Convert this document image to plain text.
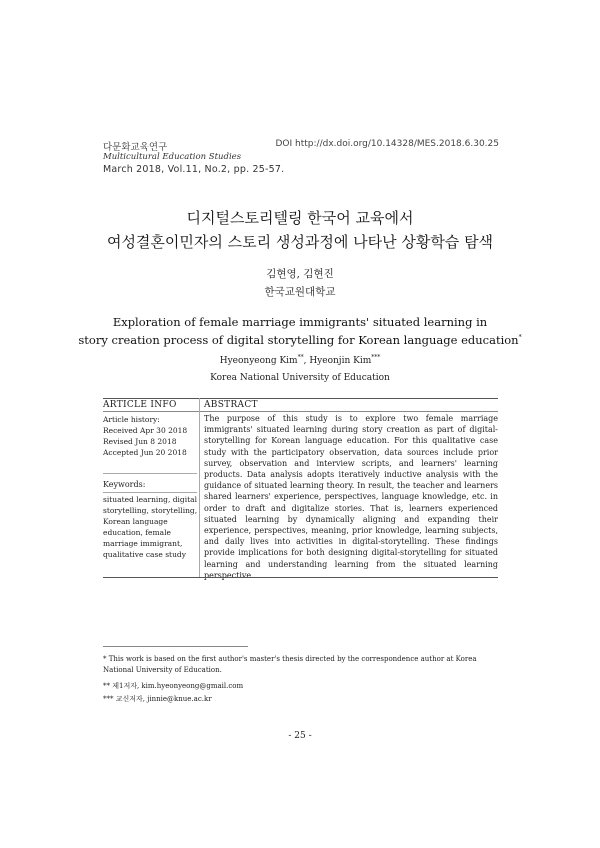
다문화교육연구
Multicultural Education Studies
March 2018, Vol.11, No.2, pp. 25-57.
DOI http://dx.doi.org/10.14328/MES.2018.6.30.25
디지털스토리텔링 한국어 교육에서
여성결혼이민자의 스토리 생성과정에 나타난 상황학습 탐색
김현영, 김현진
한국교원대학교
Exploration of female marriage immigrants' situated learning in
story creation process of digital storytelling for Korean language education*
Hyeonyeong Kim**, Hyeonjin Kim***
Korea National University of Education
ARTICLE INFO	ABSTRACT
Article history:
Received Apr 30 2018
Revised Jun 8 2018
Accepted Jun 20 2018
Keywords:
situated learning, digital storytelling, storytelling, Korean language education, female marriage immigrant, qualitative case study
The purpose of this study is to explore two female marriage immigrants' situated learning during story creation as part of digital-storytelling for Korean language education. For this qualitative case study with the participatory observation, data sources include prior survey, observation and interview scripts, and learners' learning products. Data analysis adopts iteratively inductive analysis with the guidance of situated learning theory. In result, the teacher and learners shared learners' experience, perspectives, language knowledge, etc. in order to draft and digitalize stories. That is, learners experienced situated learning by dynamically aligning and expanding their experience, perspectives, meaning, prior knowledge, learning subjects, and daily lives into activities in digital-storytelling. These findings provide implications for both designing digital-storytelling for situated learning and understanding learning from the situated learning perspective.
* This work is based on the first author's master's thesis directed by the correspondence author at Korea National University of Education.
** 제1저자, kim.hyeonyeong@gmail.com
*** 교신저자, jinnie@knue.ac.kr
- 25 -
